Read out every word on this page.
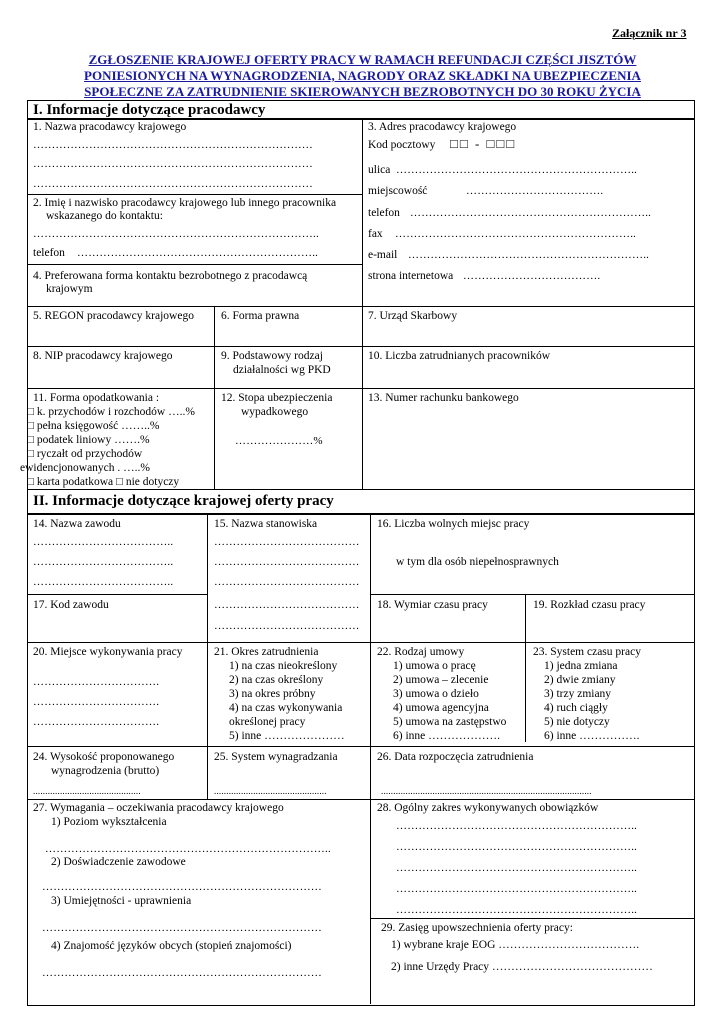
Załącznik nr 3
ZGŁOSZENIE KRAJOWEJ OFERTY PRACY W RAMACH REFUNDACJI CZĘŚCI JISZTÓW
PONIESIONYCH NA WYNAGRODZENIA, NAGRODY ORAZ SKŁADKI NA UBEZPIECZENIA
SPOŁECZNE ZA ZATRUDNIENIE SKIEROWANYCH BEZROBOTNYCH DO 30 ROKU ŻYCIA
I. Informacje dotyczące pracodawcy
1. Nazwa pracodawcy krajowego
…………………………………………………………………
…………………………………………………………………
…………………………………………………………………
2. Imię i nazwisko pracodawcy krajowego lub innego pracownika
wskazanego do kontaktu:
…………………………………………………………………..
telefon ………………………………………………………..
4. Preferowana forma kontaktu bezrobotnego z pracodawcą
krajowym
3. Adres pracodawcy krajowego
Kod pocztowy □□ - □□□
ulica ………………………………………………………..
miejscowość	……………………………….
telefon ………………………………………………………..
fax ………………………………………………………..
e-mail ………………………………………………………..
strona internetowa ……………………………….
5. REGON pracodawcy krajowego 6. Forma prawna	7. Urząd Skarbowy
8. NIP pracodawcy krajowego	9. Podstawowy rodzaj
działalności wg PKD
10. Liczba zatrudnianych pracowników
11. Forma opodatkowania :
□ k. przychodów i rozchodów …..%
□ pełna księgowość ……..%
□ podatek liniowy …….%
□ ryczałt od przychodów
ewidencjonowanych . …..%
□ karta podatkowa □ nie dotyczy
12. Stopa ubezpieczenia
wypadkowego
…………………%
13. Numer rachunku bankowego
II. Informacje dotyczące krajowej oferty pracy
14. Nazwa zawodu
………………………………..
………………………………..
………………………………..
17. Kod zawodu
15. Nazwa stanowiska
…………………………………
…………………………………
…………………………………
…………………………………
…………………………………
16. Liczba wolnych miejsc pracy
w tym dla osób niepełnosprawnych
18. Wymiar czasu pracy	19. Rozkład czasu pracy
20. Miejsce wykonywania pracy
…………………………….
…………………………….
…………………………….
21. Okres zatrudnienia
1) na czas nieokreślony
2) na czas określony
3) na okres próbny
4) na czas wykonywania
określonej pracy
5) inne …………………
22. Rodzaj umowy
1) umowa o pracę
2) umowa – zlecenie
3) umowa o dzieło
4) umowa agencyjna
5) umowa na zastępstwo
6) inne ……………….
23. System czasu pracy
1) jedna zmiana
2) dwie zmiany
3) trzy zmiany
4) ruch ciągły
5) nie dotyczy
6) inne …………….
24. Wysokość proponowanego
wynagrodzenia (brutto)
............................................
25. System wynagradzania
..............................................
26. Data rozpoczęcia zatrudnienia
......................................................................................
27. Wymagania – oczekiwania pracodawcy krajowego
1) Poziom wykształcenia
…………………………………………………………………..
2) Doświadczenie zawodowe
…………………………………………………………………
3) Umiejętności - uprawnienia
…………………………………………………………………
4) Znajomość języków obcych (stopień znajomości)
…………………………………………………………………
28. Ogólny zakres wykonywanych obowiązków
………………………………………………………..
………………………………………………………..
………………………………………………………..
………………………………………………………..
………………………………………………………..
29. Zasięg upowszechnienia oferty pracy:
1) wybrane kraje EOG ……………………………….
2) inne Urzędy Pracy ……………………………………
